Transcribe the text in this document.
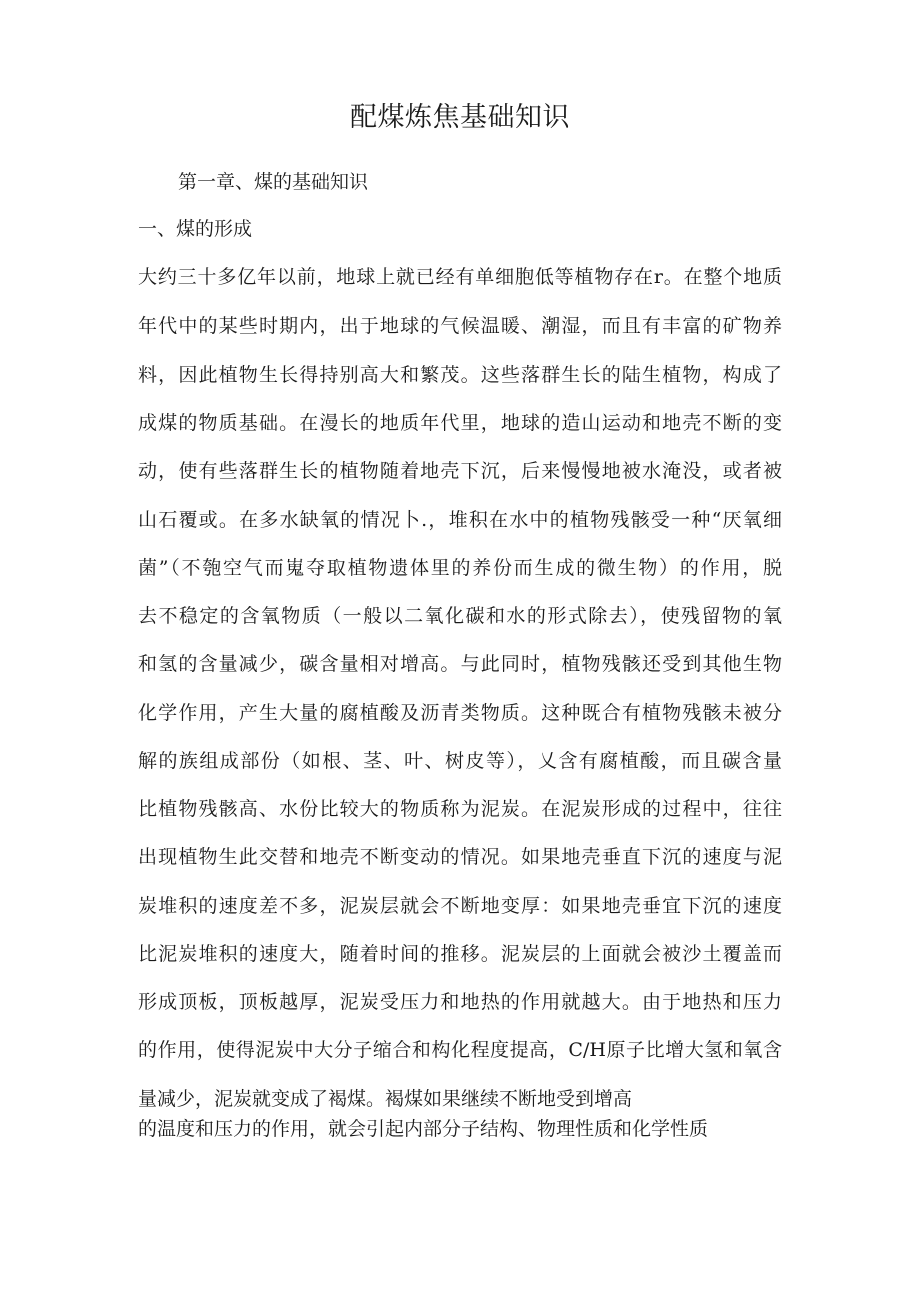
配煤炼焦基础知识
第一章、煤的基础知识
一、煤的形成
大约三十多亿年以前，地球上就已经有单细胞低等植物存在r。在整个地质
年代中的某些时期内，出于地球的气候温暖、潮湿，而且有丰富的矿物养
料，因此植物生长得持别高大和繁茂。这些落群生长的陆生植物，构成了
成煤的物质基础。在漫长的地质年代里，地球的造山运动和地壳不断的变
动，使有些落群生长的植物随着地壳下沉，后来慢慢地被水淹没，或者被
山石覆或。在多水缺氧的情况卜.，堆积在水中的植物残骸受一种“厌氧细
菌”（不匏空气而嵬夺取植物遗体里的养份而生成的微生物）的作用，脱
去不稳定的含氧物质（一般以二氧化碳和水的形式除去），使残留物的氧
和氢的含量减少，碳含量相对增高。与此同时，植物残骸还受到其他生物
化学作用，产生大量的腐植酸及沥青类物质。这种既合有植物残骸未被分
解的族组成部份（如根、茎、叶、树皮等），乂含有腐植酸，而且碳含量
比植物残骸高、水份比较大的物质称为泥炭。在泥炭形成的过程中，往往
出现植物生此交替和地壳不断变动的情况。如果地壳垂直下沉的速度与泥
炭堆积的速度差不多，泥炭层就会不断地变厚：如果地壳垂宜下沉的速度
比泥炭堆积的速度大，随着时间的推移。泥炭层的上面就会被沙土覆盖而
形成顶板，顶板越厚，泥炭受压力和地热的作用就越大。由于地热和压力
的作用，使得泥炭中大分子缩合和构化程度提高，C/H原子比增大氢和氧含
量减少，泥炭就变成了褐煤。褐煤如果继续不断地受到增高
的温度和压力的作用，就会引起内部分子结构、物理性质和化学性质
